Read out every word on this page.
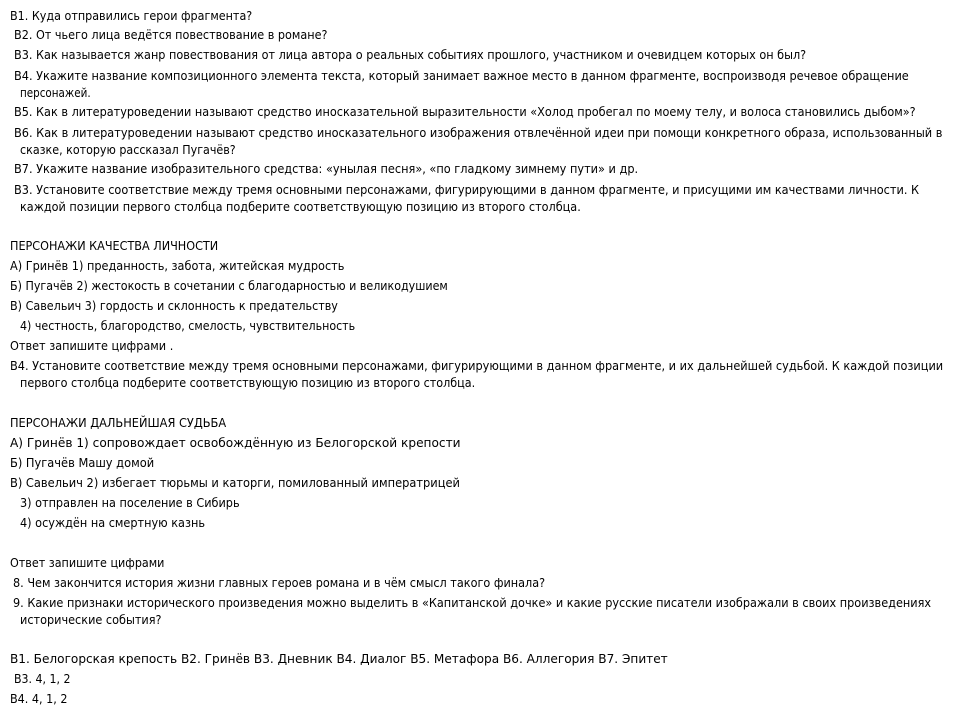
В1. Куда отправились герои фрагмента?
В2. От чьего лица ведётся повествование в романе?
В3. Как называется жанр повествования от лица автора о реальных событиях прошлого, участником и очевидцем которых он был?
В4. Укажите название композиционного элемента текста, который занимает важное место в данном фрагменте, воспроизводя речевое обращение
персонажей.
В5. Как в литературоведении называют средство иносказательной выразительности «Холод пробегал по моему телу, и волоса становились дыбом»?
В6. Как в литературоведении называют средство иносказательного изображения отвлечённой идеи при помощи конкретного образа, использованный в
сказке, которую рассказал Пугачёв?
В7. Укажите название изобразительного средства: «унылая песня», «по гладкому зимнему пути» и др.
В3. Установите соответствие между тремя основными персонажами, фигурирующими в данном фрагменте, и присущими им качествами личности. К
каждой позиции первого столбца подберите соответствующую позицию из второго столбца.
ПЕРСОНАЖИ КАЧЕСТВА ЛИЧНОСТИ
А) Гринёв 1) преданность, забота, житейская мудрость
Б) Пугачёв 2) жестокость в сочетании с благодарностью и великодушием
В) Савельич 3) гордость и склонность к предательству
4) честность, благородство, смелость, чувствительность
Ответ запишите цифрами .
В4. Установите соответствие между тремя основными персонажами, фигурирующими в данном фрагменте, и их дальнейшей судьбой. К каждой позиции
первого столбца подберите соответствующую позицию из второго столбца.
ПЕРСОНАЖИ ДАЛЬНЕЙШАЯ СУДЬБА
А) Гринёв 1) сопровождает освобождённую из Белогорской крепости
Б) Пугачёв Машу домой
В) Савельич 2) избегает тюрьмы и каторги, помилованный императрицей
3) отправлен на поселение в Сибирь
4) осуждён на смертную казнь
Ответ запишите цифрами
8. Чем закончится история жизни главных героев романа и в чём смысл такого финала?
9. Какие признаки исторического произведения можно выделить в «Капитанской дочке» и какие русские писатели изображали в своих произведениях
исторические события?
В1. Белогорская крепость В2. Гринёв В3. Дневник В4. Диалог В5. Метафора В6. Аллегория В7. Эпитет
В3. 4, 1, 2
В4. 4, 1, 2
